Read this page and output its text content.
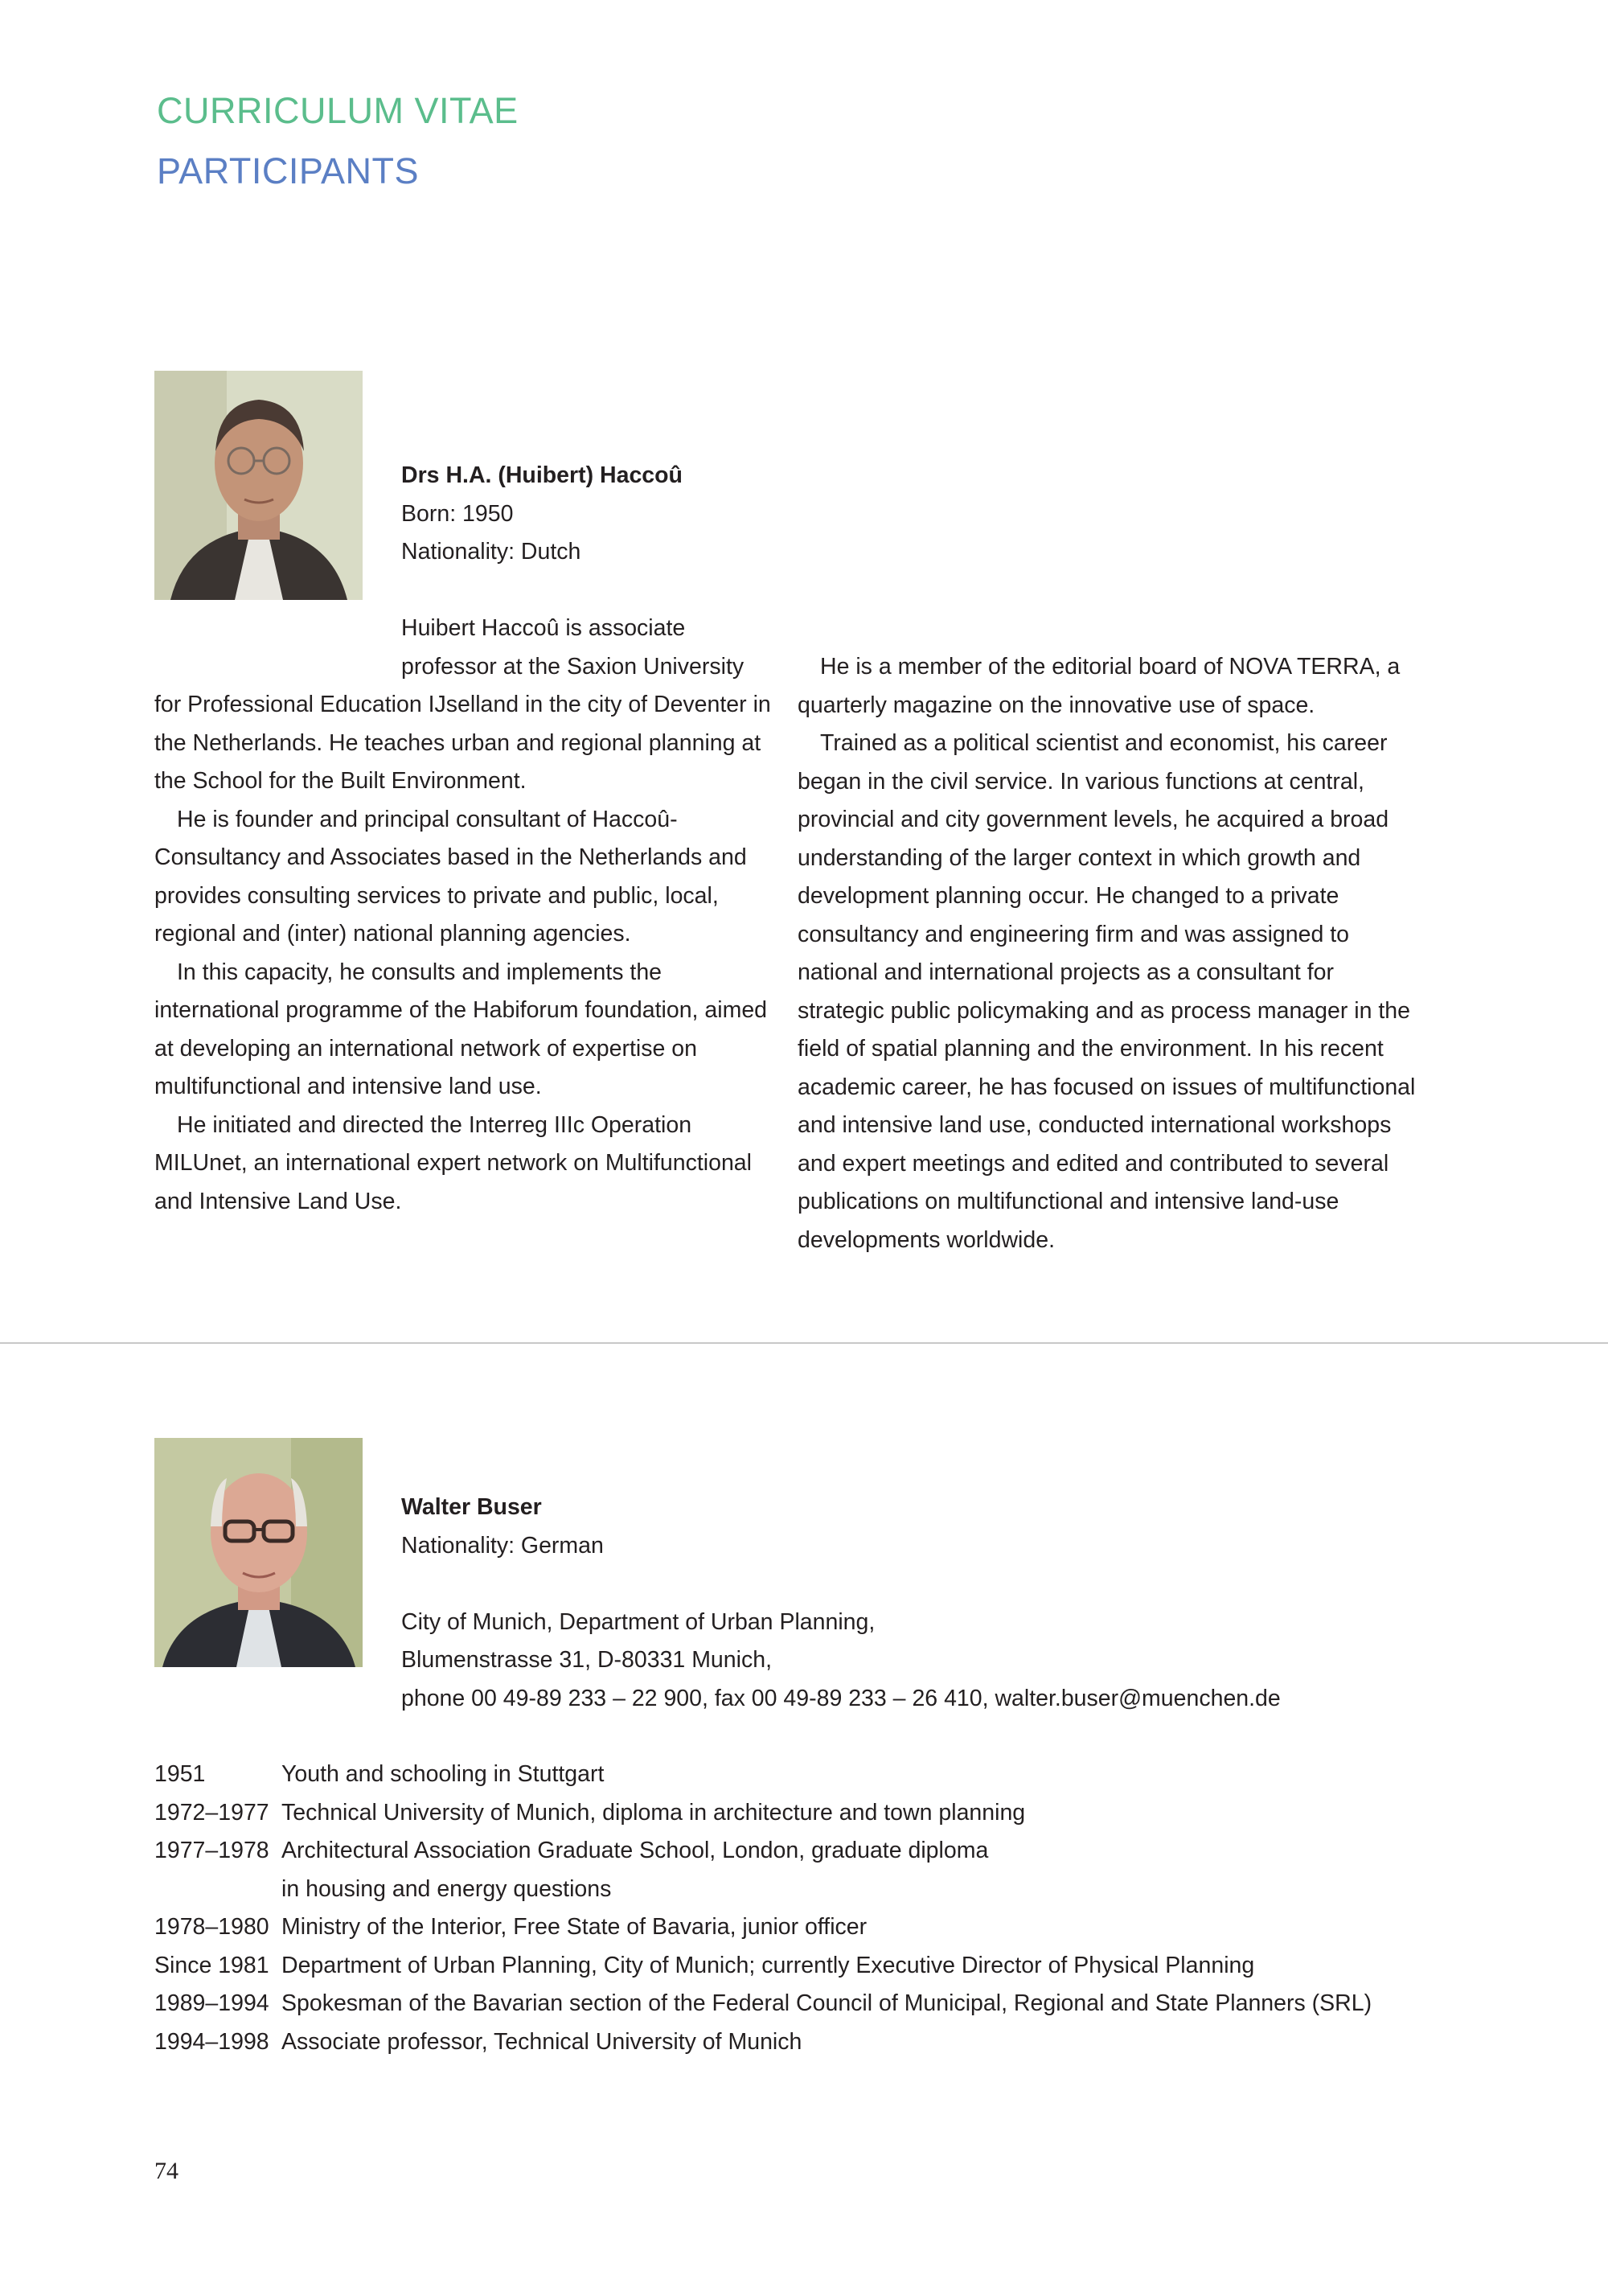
CURRICULUM VITAE
PARTICIPANTS
Drs H.A. (Huibert) Haccoû
Born: 1950
Nationality: Dutch
Huibert Haccoû is associate
professor at the Saxion University

for Professional Education IJselland in the city of Deventer in the Netherlands. He teaches urban and regional planning at the School for the Built Environment.

He is founder and principal consultant of Haccoû-Consultancy and Associates based in the Netherlands and provides consulting services to private and public, local, regional and (inter) national planning agencies.

In this capacity, he consults and implements the international programme of the Habiforum foundation, aimed at developing an international network of expertise on multifunctional and intensive land use.

He initiated and directed the Interreg IIIc Operation MILUnet, an international expert network on Multifunctional and Intensive Land Use.

He is a member of the editorial board of NOVA TERRA, a quarterly magazine on the innovative use of space.

Trained as a political scientist and economist, his career began in the civil service. In various functions at central, provincial and city government levels, he acquired a broad understanding of the larger context in which growth and development planning occur. He changed to a private consultancy and engineering firm and was assigned to national and international projects as a consultant for strategic public policymaking and as process manager in the field of spatial planning and the environment. In his recent academic career, he has focused on issues of multifunctional and intensive land use, conducted international workshops and expert meetings and edited and contributed to several publications on multifunctional and intensive land-use developments worldwide.

Walter Buser
Nationality: German
City of Munich, Department of Urban Planning,
Blumenstrasse 31, D-80331 Munich,
phone 00 49-89 233 – 22 900, fax 00 49-89 233 – 26 410, walter.buser@muenchen.de
1951	Youth and schooling in Stuttgart
1972–1977 Technical University of Munich, diploma in architecture and town planning
1977–1978 Architectural Association Graduate School, London, graduate diploma
in housing and energy questions
1978–1980 Ministry of the Interior, Free State of Bavaria, junior officer
Since 1981 Department of Urban Planning, City of Munich; currently Executive Director of Physical Planning
1989–1994 Spokesman of the Bavarian section of the Federal Council of Municipal, Regional and State Planners (SRL)
1994–1998 Associate professor, Technical University of Munich
74
